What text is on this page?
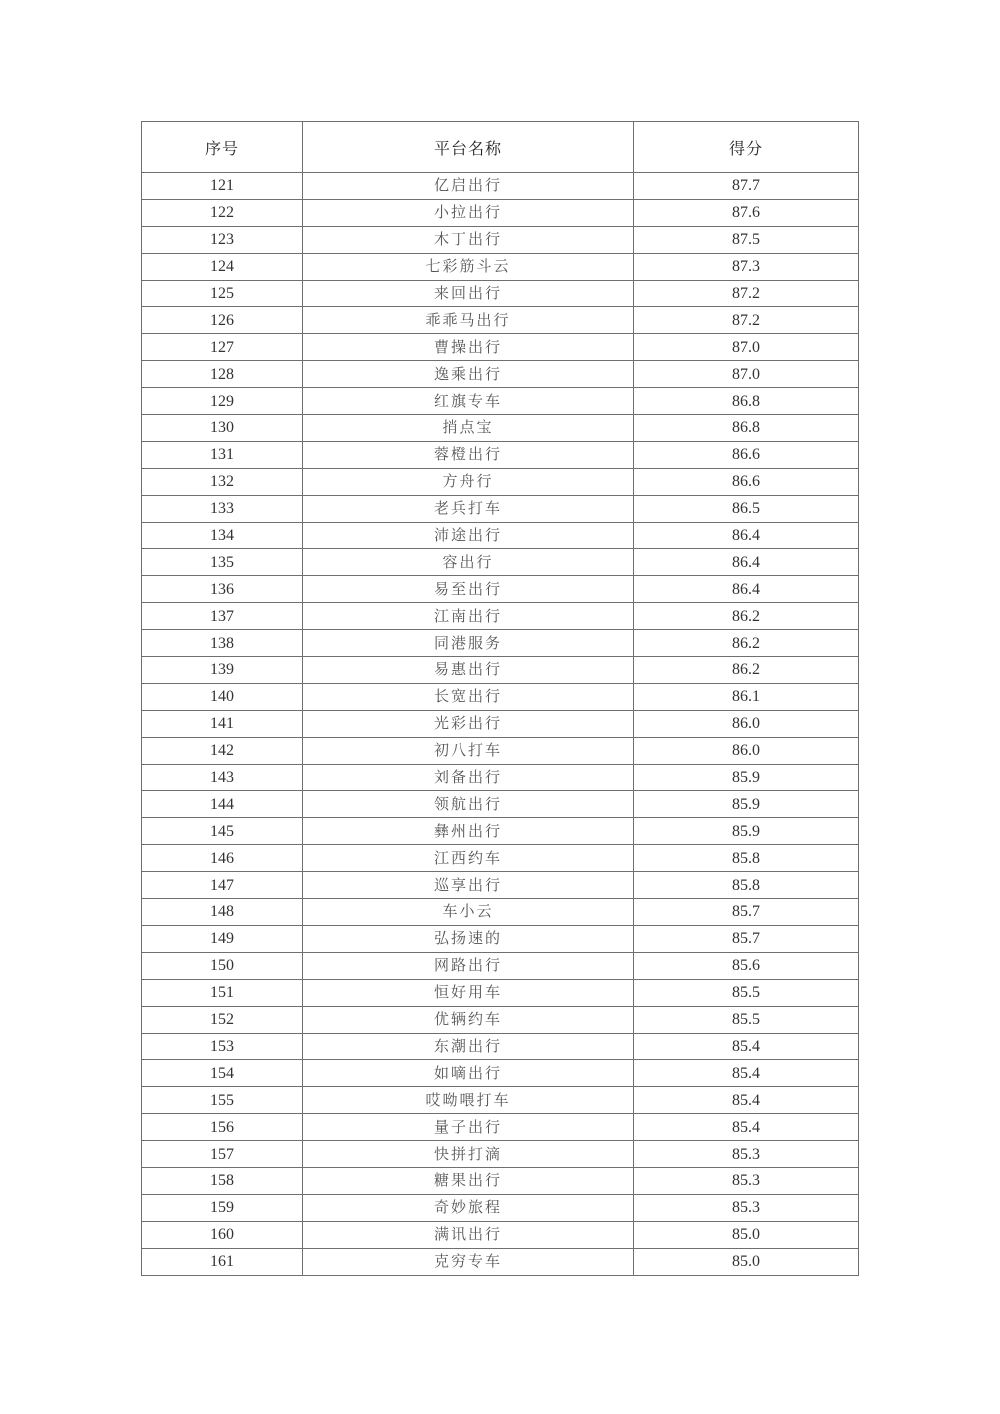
序号	平台名称	得分
121	亿启出行	87.7
122	小拉出行	87.6
123	木丁出行	87.5
124	七彩筋斗云	87.3
125	来回出行	87.2
126	乖乖马出行	87.2
127	曹操出行	87.0
128	逸乘出行	87.0
129	红旗专车	86.8
130	捎点宝	86.8
131	蓉橙出行	86.6
132	方舟行	86.6
133	老兵打车	86.5
134	沛途出行	86.4
135	容出行	86.4
136	易至出行	86.4
137	江南出行	86.2
138	同港服务	86.2
139	易惠出行	86.2
140	长宽出行	86.1
141	光彩出行	86.0
142	初八打车	86.0
143	刘备出行	85.9
144	领航出行	85.9
145	彝州出行	85.9
146	江西约车	85.8
147	巡享出行	85.8
148	车小云	85.7
149	弘扬速的	85.7
150	网路出行	85.6
151	恒好用车	85.5
152	优辆约车	85.5
153	东潮出行	85.4
154	如嘀出行	85.4
155	哎呦喂打车	85.4
156	量子出行	85.4
157	快拼打滴	85.3
158	糖果出行	85.3
159	奇妙旅程	85.3
160	满讯出行	85.0
161	克穷专车	85.0
